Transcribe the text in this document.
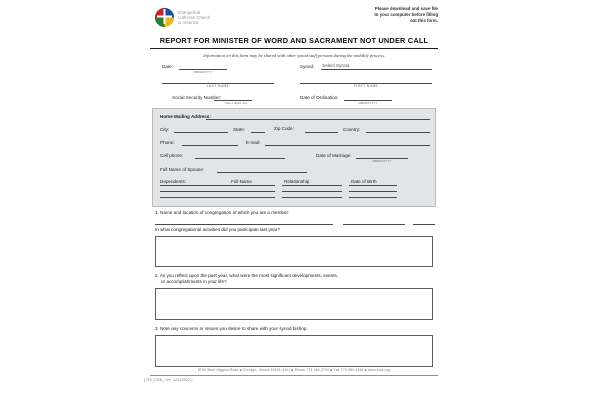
Evangelical
Lutheran Church
in America
Please download and save file
to your computer before filling
out this form.
REPORT FOR MINISTER OF WORD AND SACRAMENT NOT UNDER CALL
Information on this form may be shared with other synod staff persons during the mobility process.
Date:
MM/DD/YYYY
Synod: Select Synod
LAST NAME	FIRST NAME
Social Security Number:
*last 4 digits only
Date of Ordination:
MM/DD/YYYY
Home Mailing Address:
City:	State:	Zip Code:	Country:
Phone:	E-mail:
Cell phone:	Date of Marriage:
MM/DD/YYYY
Full Name of Spouse:
Dependents:	Full Name	Relationship	Date of Birth
1. Name and location of congregation of which you are a member:
In what congregational activities did you participate last year?
2. As you reflect upon the past year, what were the most significant developments, events,
or accomplishments in your life?
3. Note any concerns or issues you desire to share with your synod bishop.
8765 West Higgins Road ■ Chicago, Illinois 60631-4101 ■ Phone 773-380-2700 ■ Fax 773-380-1465 ■ www.elca.org
[ OS_COB_ rev. 12142022 ]
